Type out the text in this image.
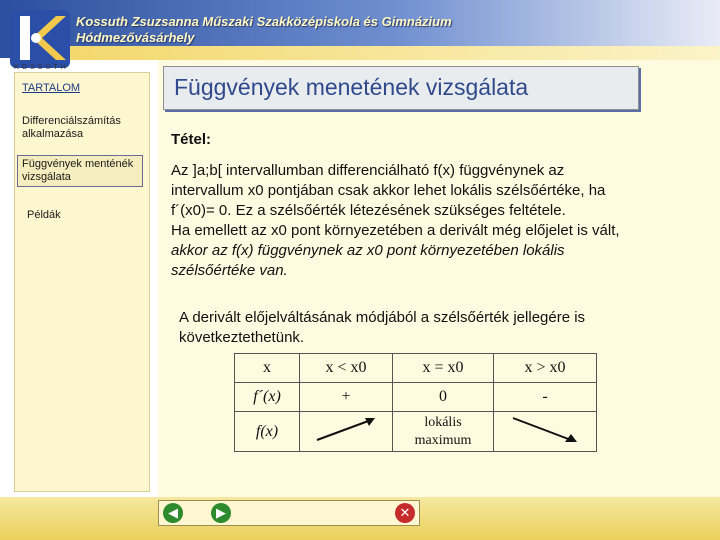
KOSSUTH
Kossuth Zsuzsanna Műszaki Szakközépiskola és Gimnázium
Hódmezővásárhely
TARTALOM
Differenciálszámítás alkalmazása
Függvények menténék vizsgálata
Példák
Függvények menetének vizsgálata
Tétel:
Az ]a;b[ intervallumban differenciálható f(x) függvénynek az
intervallum x0 pontjában csak akkor lehet lokális szélsőértéke, ha
f´(x0)= 0. Ez a szélsőérték létezésének szükséges feltétele.
Ha emellett az x0 pont környezetében a derivált még előjelet is vált,
akkor az f(x) függvénynek az x0 pont környezetében lokális
szélsőértéke van.
A derivált előjelváltásának módjából a szélsőérték jellegére is
következtethetünk.
x	x < x0	x = x0	x > x0
f´(x)	+	0	-
f(x)		lokális
maximum

◀	▶	✕
